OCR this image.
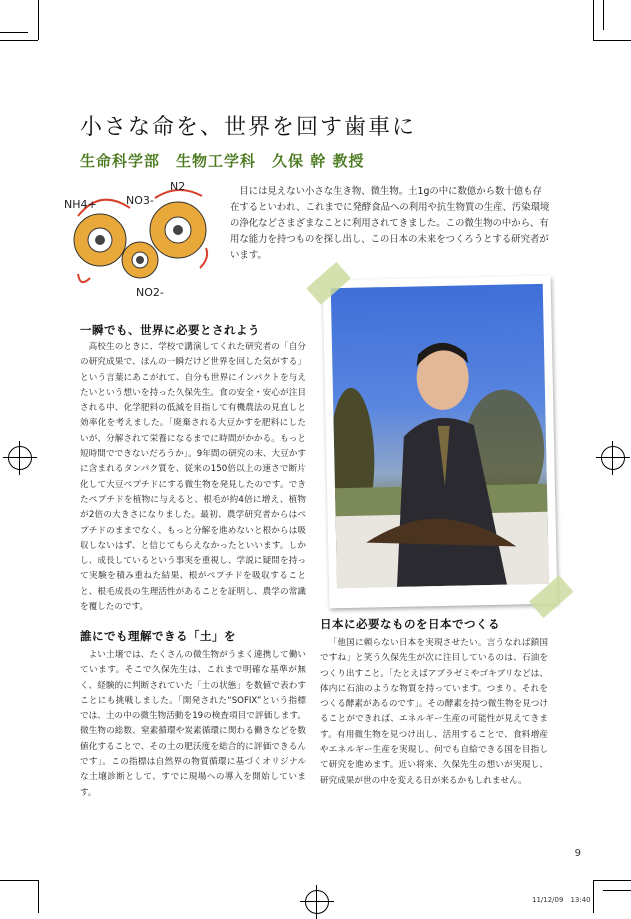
小さな命を、世界を回す歯車に
生命科学部　生物工学科　久保 幹 教授
NH4+	NO3-
N2
NO2-

目には見えない小さな生き物、微生物。土1gの中に数億から数十億も存在するといわれ、これまでに発酵食品への利用や抗生物質の生産、汚染環境の浄化などさまざまなことに利用されてきました。この微生物の中から、有用な能力を持つものを探し出し、この日本の未来をつくろうとする研究者がいます。

一瞬でも、世界に必要とされよう

高校生のときに、学校で講演してくれた研究者の「自分の研究成果で、ほんの一瞬だけど世界を回した気がする」という言葉にあこがれて、自分も世界にインパクトを与えたいという想いを持った久保先生。食の安全・安心が注目される中、化学肥料の低減を目指して有機農法の見直しと効率化を考えました。「廃棄される大豆かすを肥料にしたいが、分解されて栄養になるまでに時間がかかる。もっと短時間でできないだろうか」。9年間の研究の末、大豆かすに含まれるタンパク質を、従来の150倍以上の速さで断片化して大豆ペプチドにする微生物を発見したのです。できたペプチドを植物に与えると、根毛が約4倍に増え、植物が2倍の大きさになりました。最初、農学研究者からはペプチドのままでなく、もっと分解を進めないと根からは吸収しないはず、と信じてもらえなかったといいます。しかし、成長しているという事実を重視し、学説に疑問を持って実験を積み重ねた結果、根がペプチドを吸収することと、根毛成長の生理活性があることを証明し、農学の常識を覆したのです。

誰にでも理解できる「土」を

よい土壌では、たくさんの微生物がうまく連携して働いています。そこで久保先生は、これまで明確な基準が無く、経験的に判断されていた「土の状態」を数値で表わすことにも挑戦しました。「開発された“SOFIX”という指標では、土の中の微生物活動を19の検査項目で評価します。微生物の総数、窒素循環や炭素循環に関わる働きなどを数値化することで、その土の肥沃度を総合的に評価できるんです」。この指標は自然界の物質循環に基づくオリジナルな土壌診断として、すでに現場への導入を開始しています。

日本に必要なものを日本でつくる

「他国に頼らない日本を実現させたい。言うなれば鎖国ですね」と笑う久保先生が次に注目しているのは、石油をつくり出すこと。「たとえばアブラゼミやゴキブリなどは、体内に石油のような物質を持っています。つまり、それをつくる酵素があるのです」。その酵素を持つ微生物を見つけることができれば、エネルギー生産の可能性が見えてきます。有用微生物を見つけ出し、活用することで、食料増産やエネルギー生産を実現し、何でも自給できる国を目指して研究を進めます。近い将来、久保先生の想いが実現し、研究成果が世の中を変える日が来るかもしれません。

9
11/12/09　13:40
